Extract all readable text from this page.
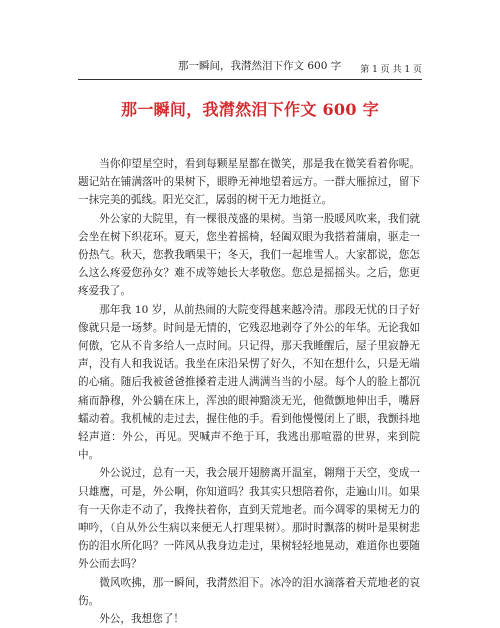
那一瞬间，我潸然泪下作文 600 字 第 1 页 共 1 页
那一瞬间，我潸然泪下作文 600 字

当你仰望星空时，看到每颗星星都在微笑，那是我在微笑看着你呢。题记站在铺满落叶的果树下，眼睁无神地望着远方。一群大雁掠过，留下一抹完美的弧线。阳光交汇，孱弱的树干无力地挺立。

外公家的大院里，有一棵很茂盛的果树。当第一股暖风吹来，我们就会坐在树下织花环。夏天，您坐着摇椅，轻阖双眼为我搭着蒲扇，驱走一份热气。秋天，您教我晒果干；冬天，我们一起堆雪人。大家都说，您怎么这么疼爱您孙女？难不成等她长大孝敬您。您总是摇摇头。之后，您更疼爱我了。

那年我 10 岁，从前热闹的大院变得越来越冷清。那段无忧的日子好像就只是一场梦。时间是无情的，它残忍地剥夺了外公的年华。无论我如何傲，它从不肯多给人一点时间。只记得，那天我睡醒后，屋子里寂静无声，没有人和我说话。我坐在床沿呆愣了好久，不知在想什么，只是无端的心痛。随后我被爸爸推搡着走进人满满当当的小屋。每个人的脸上都沉痛而静穆，外公躺在床上，浑浊的眼神黯淡无光，他微颤地伸出手，嘴唇蠕动着。我机械的走过去，握住他的手。看到他慢慢闭上了眼，我颤抖地轻声道：外公，再见。哭喊声不绝于耳，我逃出那喧嚣的世界，来到院中。

外公说过，总有一天，我会展开翅膀离开温室，翱翔于天空，变成一只雄鹰，可是，外公啊，你知道吗？我其实只想陪着你，走遍山川。如果有一天你走不动了，我搀扶着你，直到天荒地老。而今凋零的果树无力的呻吟，（自从外公生病以来便无人打理果树）。那时时飘落的树叶是果树悲伤的泪水所化吗？一阵风从我身边走过，果树轻轻地晃动，难道你也要随外公而去吗？

微风吹拂，那一瞬间，我潸然泪下。冰冷的泪水滴落着天荒地老的哀伤。

外公，我想您了！
